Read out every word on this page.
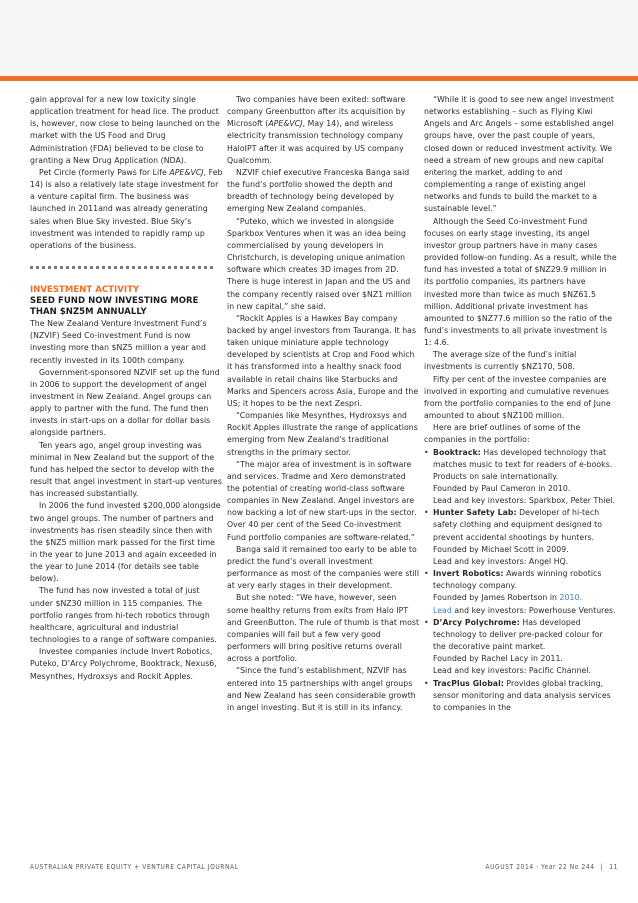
gain approval for a new low toxicity single application treatment for head lice. The product is, however, now close to being launched on the market with the US Food and Drug Administration (FDA) believed to be close to granting a New Drug Application (NDA).

Pet Circle (formerly Paws for Life APE&VCJ, Feb 14) is also a relatively late stage investment for a venture capital firm. The business was launched in 2011and was already generating sales when Blue Sky invested. Blue Sky’s investment was intended to rapidly ramp up operations of the business.

INVESTMENT ACTIVITY

SEED FUND NOW INVESTING MORE THAN $NZ5M ANNUALLY

The New Zealand Venture Investment Fund’s (NZVIF) Seed Co-investment Fund is now investing more than $NZ5 million a year and recently invested in its 100th company.

Government-sponsored NZVIF set up the fund in 2006 to support the development of angel investment in New Zealand. Angel groups can apply to partner with the fund. The fund then invests in start-ups on a dollar for dollar basis alongside partners.

Ten years ago, angel group investing was minimal in New Zealand but the support of the fund has helped the sector to develop with the result that angel investment in start-up ventures has increased substantially.

In 2006 the fund invested $200,000 alongside two angel groups. The number of partners and investments has risen steadily since then with the $NZ5 million mark passed for the first time in the year to June 2013 and again exceeded in the year to June 2014 (for details see table below).

The fund has now invested a total of just under $NZ30 million in 115 companies. The portfolio ranges from hi-tech robotics through healthcare, agricultural and industrial technologies to a range of software companies.

Investee companies include Invert Robotics, Puteko, D’Arcy Polychrome, Booktrack, Nexus6, Mesynthes, Hydroxsys and Rockit Apples.

Two companies have been exited: software company Greenbutton after its acquisition by Microsoft (APE&VCJ, May 14), and wireless electricity transmission technology company HaloIPT after it was acquired by US company Qualcomm.

NZVIF chief executive Franceska Banga said the fund’s portfolio showed the depth and breadth of technology being developed by emerging New Zealand companies.

“Puteko, which we invested in alongside Sparkbox Ventures when it was an idea being commercialised by young developers in Christchurch, is developing unique animation software which creates 3D images from 2D. There is huge interest in Japan and the US and the company recently raised over $NZ1 million in new capital,” she said.

“Rockit Apples is a Hawkes Bay company backed by angel investors from Tauranga. It has taken unique miniature apple technology developed by scientists at Crop and Food which it has transformed into a healthy snack food available in retail chains like Starbucks and Marks and Spencers across Asia, Europe and the US; it hopes to be the next Zespri.

“Companies like Mesynthes, Hydroxsys and Rockit Apples illustrate the range of applications emerging from New Zealand’s traditional strengths in the primary sector.

“The major area of investment is in software and services. Tradme and Xero demonstrated the potential of creating world-class software companies in New Zealand. Angel investors are now backing a lot of new start-ups in the sector. Over 40 per cent of the Seed Co-investment Fund portfolio companies are software-related.”

Banga said it remained too early to be able to predict the fund’s overall investment performance as most of the companies were still at very early stages in their development.

But she noted: “We have, however, seen some healthy returns from exits from Halo IPT and GreenButton. The rule of thumb is that most companies will fail but a few very good performers will bring positive returns overall across a portfolio.

“Since the fund’s establishment, NZVIF has entered into 15 partnerships with angel groups and New Zealand has seen considerable growth in angel investing. But it is still in its infancy.

“While it is good to see new angel investment networks establishing – such as Flying Kiwi Angels and Arc Angels – some established angel groups have, over the past couple of years, closed down or reduced investment activity. We need a stream of new groups and new capital entering the market, adding to and complementing a range of existing angel networks and funds to build the market to a sustainable level.”

Although the Seed Co-investment Fund focuses on early stage investing, its angel investor group partners have in many cases provided follow-on funding. As a result, while the fund has invested a total of $NZ29.9 million in its portfolio companies, its partners have invested more than twice as much $NZ61.5 million. Additional private investment has amounted to $NZ77.6 million so the ratio of the fund’s investments to all private investment is 1: 4.6.

The average size of the fund’s initial investments is currently $NZ170, 508.

Fifty per cent of the investee companies are involved in exporting and cumulative revenues from the portfolio companies to the end of June amounted to about $NZ100 million.

Here are brief outlines of some of the companies in the portfolio:

• Booktrack: Has developed technology that matches music to text for readers of e-books. Products on sale internationally.

Founded by Paul Cameron in 2010.

Lead and key investors: Sparkbox, Peter Thiel.

• Hunter Safety Lab: Developer of hi-tech safety clothing and equipment designed to prevent accidental shootings by hunters.

Founded by Michael Scott in 2009.

Lead and key investors: Angel HQ.

• Invert Robotics: Awards winning robotics technology company.

Founded by James Robertson in 2010.

Lead and key investors: Powerhouse Ventures.

• D’Arcy Polychrome: Has developed technology to deliver pre-packed colour for the decorative paint market.

Founded by Rachel Lacy in 2011.

Lead and key investors: Pacific Channel.

• TracPlus Global: Provides global tracking, sensor monitoring and data analysis services to companies in the
AUSTRALIAN PRIVATE EQUITY + VENTURE CAPITAL JOURNAL	AUGUST 2014 · Year 22 No 244 | 11
